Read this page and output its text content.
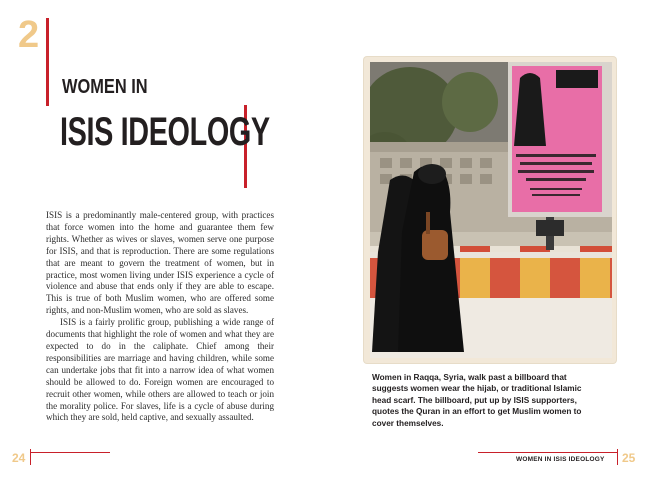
2
WOMEN IN
ISIS IDEOLOGY

ISIS is a predominantly male-centered group, with practices that force women into the home and guarantee them few rights. Whether as wives or slaves, women serve one purpose for ISIS, and that is reproduction. There are some regulations that are meant to govern the treatment of women, but in practice, most women living under ISIS experience a cycle of violence and abuse that ends only if they are able to escape. This is true of both Muslim women, who are offered some rights, and non-Muslim women, who are sold as slaves.

ISIS is a fairly prolific group, publishing a wide range of documents that highlight the role of women and what they are expected to do in the caliphate. Chief among their responsibilities are marriage and having children, while some can undertake jobs that fit into a narrow idea of what women should be allowed to do. Foreign women are encouraged to recruit other women, while others are allowed to teach or join the morality police. For slaves, life is a cycle of abuse during which they are sold, held captive, and sexually assaulted.

Women in Raqqa, Syria, walk past a billboard that suggests women wear the hijab, or traditional Islamic head scarf. The billboard, put up by ISIS supporters, quotes the Quran in an effort to get Muslim women to cover themselves.
24	WOMEN IN ISIS IDEOLOGY 25
